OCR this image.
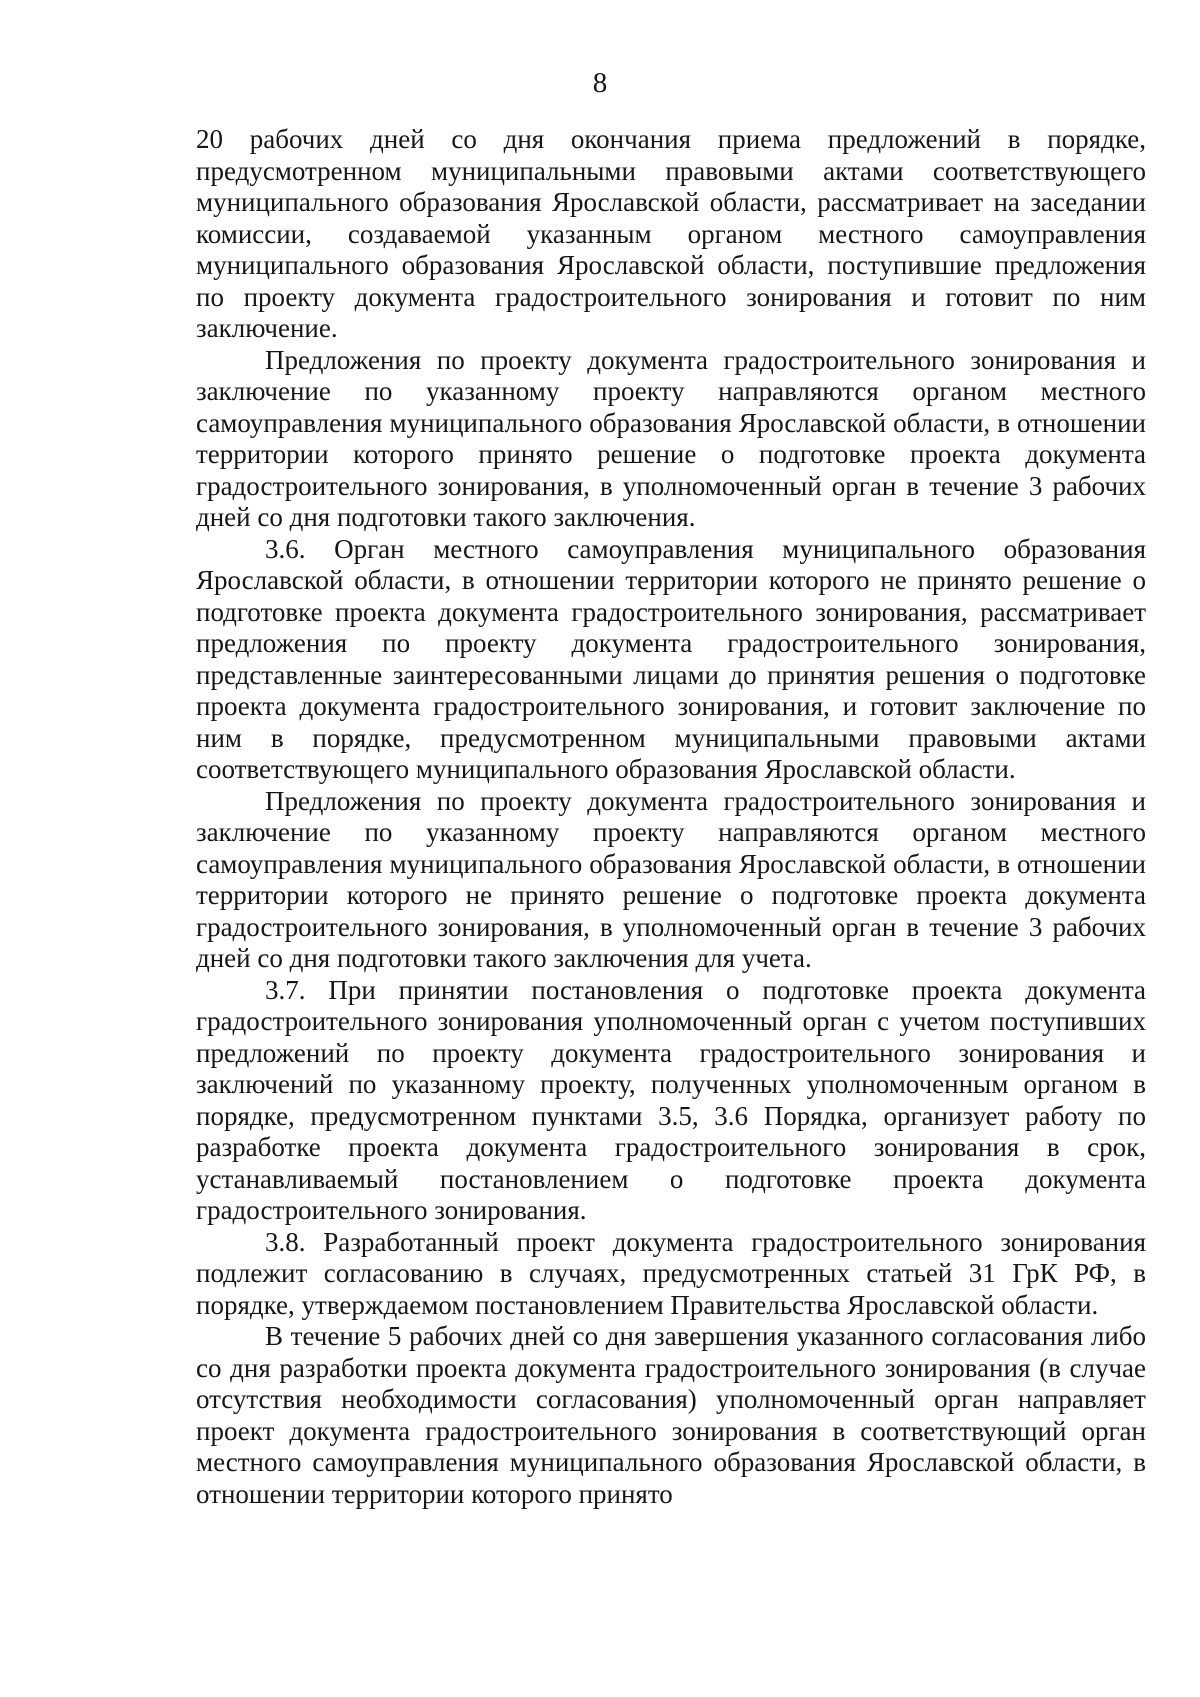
8

20 рабочих дней со дня окончания приема предложений в порядке, предусмотренном муниципальными правовыми актами соответствующего муниципального образования Ярославской области, рассматривает на заседании комиссии, создаваемой указанным органом местного самоуправления муниципального образования Ярославской области, поступившие предложения по проекту документа градостроительного зонирования и готовит по ним заключение.

Предложения по проекту документа градостроительного зонирования и заключение по указанному проекту направляются органом местного самоуправления муниципального образования Ярославской области, в отношении территории которого принято решение о подготовке проекта документа градостроительного зонирования, в уполномоченный орган в течение 3 рабочих дней со дня подготовки такого заключения.

3.6. Орган местного самоуправления муниципального образования Ярославской области, в отношении территории которого не принято решение о подготовке проекта документа градостроительного зонирования, рассматривает предложения по проекту документа градостроительного зонирования, представленные заинтересованными лицами до принятия решения о подготовке проекта документа градостроительного зонирования, и готовит заключение по ним в порядке, предусмотренном муниципальными правовыми актами соответствующего муниципального образования Ярославской области.

Предложения по проекту документа градостроительного зонирования и заключение по указанному проекту направляются органом местного самоуправления муниципального образования Ярославской области, в отношении территории которого не принято решение о подготовке проекта документа градостроительного зонирования, в уполномоченный орган в течение 3 рабочих дней со дня подготовки такого заключения для учета.

3.7. При принятии постановления о подготовке проекта документа градостроительного зонирования уполномоченный орган с учетом поступивших предложений по проекту документа градостроительного зонирования и заключений по указанному проекту, полученных уполномоченным органом в порядке, предусмотренном пунктами 3.5, 3.6 Порядка, организует работу по разработке проекта документа градостроительного зонирования в срок, устанавливаемый постановлением о подготовке проекта документа градостроительного зонирования.

3.8. Разработанный проект документа градостроительного зонирования подлежит согласованию в случаях, предусмотренных статьей 31 ГрК РФ, в порядке, утверждаемом постановлением Правительства Ярославской области.

В течение 5 рабочих дней со дня завершения указанного согласования либо со дня разработки проекта документа градостроительного зонирования (в случае отсутствия необходимости согласования) уполномоченный орган направляет проект документа градостроительного зонирования в соответствующий орган местного самоуправления муниципального образования Ярославской области, в отношении территории которого принято
